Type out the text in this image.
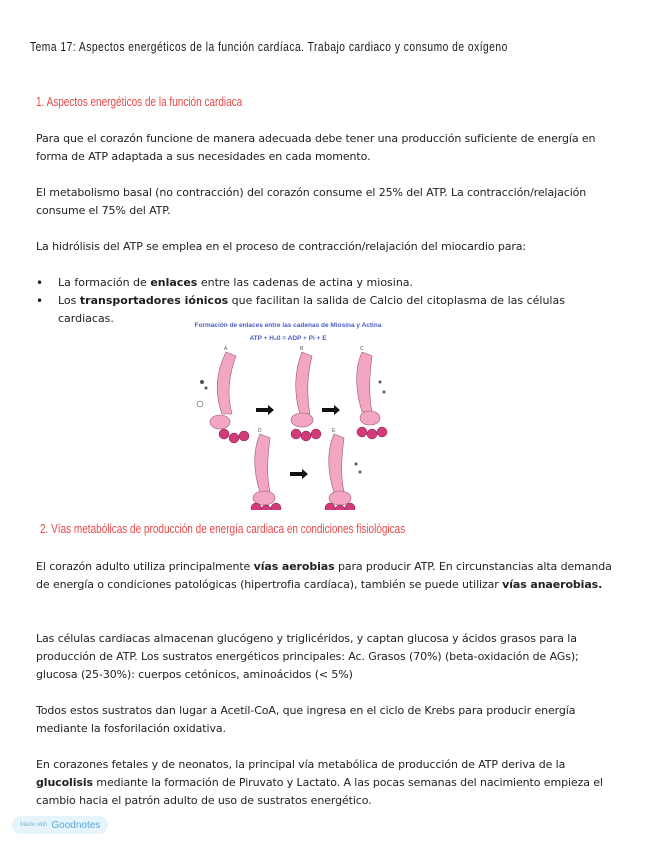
Tema 17: Aspectos energéticos de la función cardíaca. Trabajo cardiaco y consumo de oxígeno
1. Aspectos energéticos de la función cardiaca
Para que el corazón funcione de manera adecuada debe tener una producción suficiente de energía en forma de ATP adaptada a sus necesidades en cada momento.
El metabolismo basal (no contracción) del corazón consume el 25% del ATP. La contracción/relajación consume el 75% del ATP.
La hidrólisis del ATP se emplea en el proceso de contracción/relajación del miocardio para:
• La formación de enlaces entre las cadenas de actina y miosina.
• Los transportadores iónicos que facilitan la salida de Calcio del citoplasma de las células cardiacas.
Formación de enlaces entre las cadenas de Miosina y Actina
ATP + H₂0 = ADP + Pi + E
A	B	C
D	E
2. Vías metabólicas de producción de energía cardiaca en condiciones fisiológicas
El corazón adulto utiliza principalmente vías aerobias para producir ATP. En circunstancias alta demanda de energía o condiciones patológicas (hipertrofia cardíaca), también se puede utilizar vías anaerobias.
Las células cardiacas almacenan glucógeno y triglicéridos, y captan glucosa y ácidos grasos para la producción de ATP. Los sustratos energéticos principales: Ac. Grasos (70%) (beta-oxidación de AGs); glucosa (25-30%): cuerpos cetónicos, aminoácidos (< 5%)
Todos estos sustratos dan lugar a Acetil-CoA, que ingresa en el ciclo de Krebs para producir energía mediante la fosforilación oxidativa.
En corazones fetales y de neonatos, la principal vía metabólica de producción de ATP deriva de la glucolisis mediante la formación de Piruvato y Lactato. A las pocas semanas del nacimiento empieza el cambio hacia el patrón adulto de uso de sustratos energético.
Made with Goodnotes
